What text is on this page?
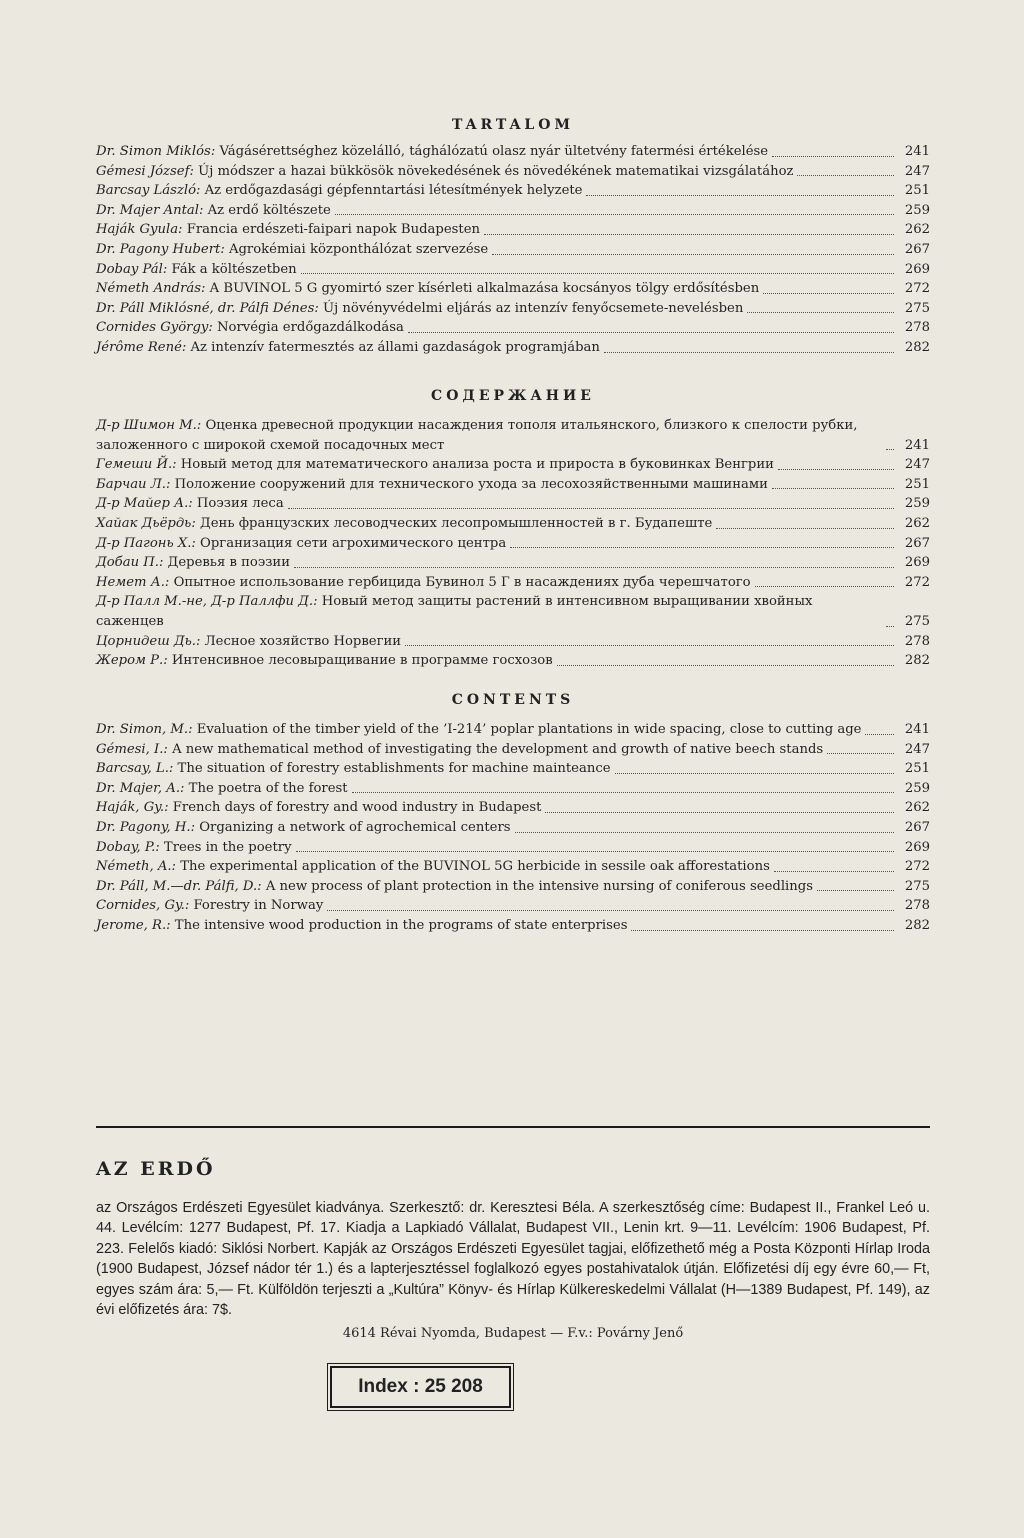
TARTALOM
Dr. Simon Miklós: Vágásérettséghez közelálló, tághálózatú olasz nyár ültetvény fatermési értékelése	241
Gémesi József: Új módszer a hazai bükkösök növekedésének és növedékének matematikai vizsgálatához	247
Barcsay László: Az erdőgazdasági gépfenntartási létesítmények helyzete	251
Dr. Majer Antal: Az erdő költészete	259
Haják Gyula: Francia erdészeti-faipari napok Budapesten	262
Dr. Pagony Hubert: Agrokémiai központhálózat szervezése	267
Dobay Pál: Fák a költészetben	269
Németh András: A BUVINOL 5 G gyomirtó szer kísérleti alkalmazása kocsányos tölgy erdősítésben	272
Dr. Páll Miklósné, dr. Pálfi Dénes: Új növényvédelmi eljárás az intenzív fenyőcsemete-nevelésben	275
Cornides György: Norvégia erdőgazdálkodása	278
Jérôme René: Az intenzív fatermesztés az állami gazdaságok programjában	282
СОДЕРЖАНИЕ
Д-р Шимон М.: Оценка древесной продукции насаждения тополя итальянского, близкого к спелости рубки, заложенного с широкой схемой посадочных мест	241
Гемеши Й.: Новый метод для математического анализа роста и прироста в буковинках Венгрии	247
Барчаи Л.: Положение сооружений для технического ухода за лесохозяйственными машинами	251
Д-р Майер А.: Поэзия леса	259
Хайак Дьёрдь: День французских лесоводческих лесопромышленностей в г. Будапеште	262
Д-р Пагонь Х.: Организация сети агрохимического центра	267
Добаи П.: Деревья в поэзии	269
Немет А.: Опытное использование гербицида Бувинол 5 Г в насаждениях дуба черешчатого	272
Д-р Палл М.-не, Д-р Паллфи Д.: Новый метод защиты растений в интенсивном выращивании хвойных саженцев	275
Цорнидеш Дь.: Лесное хозяйство Норвегии	278
Жером Р.: Интенсивное лесовыращивание в программе госхозов	282
CONTENTS
Dr. Simon, M.: Evaluation of the timber yield of the ’I-214’ poplar plantations in wide spacing, close to cutting age	241
Gémesi, I.: A new mathematical method of investigating the development and growth of native beech stands	247
Barcsay, L.: The situation of forestry establishments for machine mainteance	251
Dr. Majer, A.: The poetra of the forest	259
Haják, Gy.: French days of forestry and wood industry in Budapest	262
Dr. Pagony, H.: Organizing a network of agrochemical centers	267
Dobay, P.: Trees in the poetry	269
Németh, A.: The experimental application of the BUVINOL 5G herbicide in sessile oak afforestations	272
Dr. Páll, M.—dr. Pálfi, D.: A new process of plant protection in the intensive nursing of coniferous seedlings	275
Cornides, Gy.: Forestry in Norway	278
Jerome, R.: The intensive wood production in the programs of state enterprises	282
AZ ERDŐ

az Országos Erdészeti Egyesület kiadványa. Szerkesztő: dr. Keresztesi Béla. A szerkesztőség címe: Budapest II., Frankel Leó u. 44. Levélcím: 1277 Budapest, Pf. 17. Kiadja a Lapkiadó Vállalat, Budapest VII., Lenin krt. 9—11. Levélcím: 1906 Budapest, Pf. 223. Felelős kiadó: Siklósi Norbert. Kapják az Országos Erdészeti Egyesület tagjai, előfizethető még a Posta Központi Hírlap Iroda (1900 Budapest, József nádor tér 1.) és a lapterjesztéssel foglalkozó egyes postahivatalok útján. Előfizetési díj egy évre 60,— Ft, egyes szám ára: 5,— Ft. Külföldön terjeszti a „Kultúra” Könyv- és Hírlap Külkereskedelmi Vállalat (H—1389 Budapest, Pf. 149), az évi előfizetés ára: 7$.

4614 Révai Nyomda, Budapest — F.v.: Povárny Jenő
Index : 25 208
